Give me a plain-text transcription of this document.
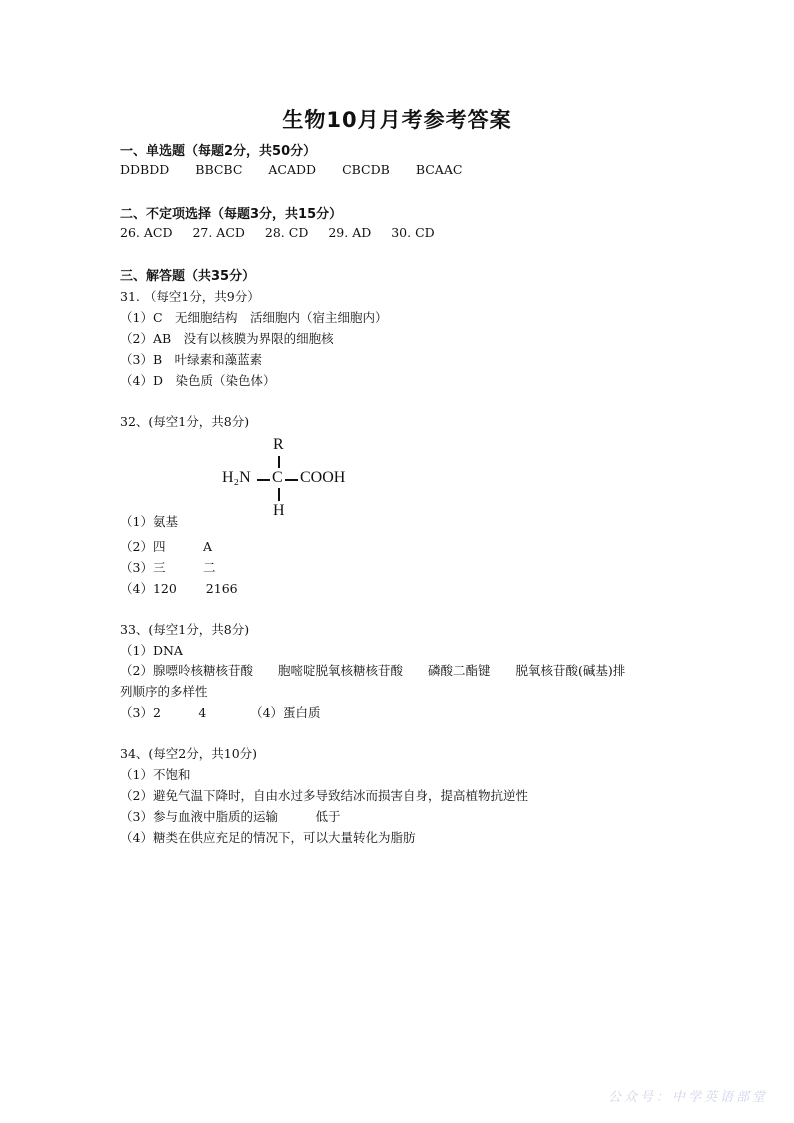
生物10月月考参考答案
一、单选题（每题2分，共50分）
DDBDD BBCBC ACADD CBCDB BCAAC
二、不定项选择（每题3分，共15分）
26. ACD 27. ACD 28. CD 29. AD 30. CD
三、解答题（共35分）
31. （每空1分，共9分）
（1）C　无细胞结构　活细胞内（宿主细胞内）
（2）AB　没有以核膜为界限的细胞核
（3）B　叶绿素和藻蓝素
（4）D　染色质（染色体）
32、(每空1分，共8分)
R
H₂N C COOH
H
（1）氨基
（2）四　　　A
（3）三　　　二
（4）120　　 2166
33、(每空1分，共8分)
（1）DNA
（2）腺嘌呤核糖核苷酸　　胞嘧啶脱氧核糖核苷酸　　磷酸二酯键　　脱氧核苷酸(碱基)排
列顺序的多样性
（3）2　　　4　　　　（4）蛋白质
34、(每空2分，共10分)
（1）不饱和
（2）避免气温下降时，自由水过多导致结冰而损害自身，提高植物抗逆性
（3）参与血液中脂质的运输　　　低于
（4）糖类在供应充足的情况下，可以大量转化为脂肪
公众号：中学英语部堂
